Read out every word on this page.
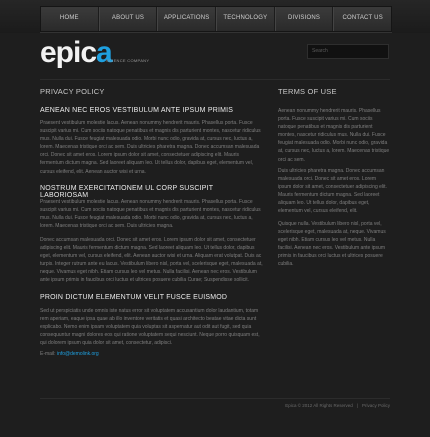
HOME	ABOUT US	APPLICATIONS	TECHNOLOGY	DIVISIONS	CONTACT US
epica
SCIENCE COMPANY
Search
PRIVACY POLICY
AENEAN NEC EROS VESTIBULUM ANTE IPSUM PRIMIS

Praesent vestibulum molestie lacus. Aenean nonummy hendrerit mauris. Phasellus porta. Fusce suscipit varius mi. Cum sociis natoque penatibus et magnis dis parturient montes, nascetur ridiculus mus. Nulla dui. Fusce feugiat malesuada odio. Morbi nunc odio, gravida at, cursus nec, luctus a, lorem. Maecenas tristique orci ac sem. Duis ultricies pharetra magna. Donec accumsan malesuada orci. Donec sit amet eros. Lorem ipsum dolor sit amet, consectetuer adipiscing elit. Mauris fermentum dictum magna. Sed laoreet aliquam leo. Ut tellus dolor, dapibus eget, elementum vel, cursus eleifend, elit. Aenean auctor wisi et urna.

NOSTRUM EXERCITATIONEM UL CORP SUSCIPIT LABORIOSAM

Praesent vestibulum molestie lacus. Aenean nonummy hendrerit mauris. Phasellus porta. Fusce suscipit varius mi. Cum sociis natoque penatibus et magnis dis parturient montes, nascetur ridiculus mus. Nulla dui. Fusce feugiat malesuada odio. Morbi nunc odio, gravida at, cursus nec, luctus a, lorem. Maecenas tristique orci ac sem. Duis ultricies magna.

Donec accumsan malesuada orci. Donec sit amet eros. Lorem ipsum dolor sit amet, consectetuer adipiscing elit. Mauris fermentum dictum magna. Sed laoreet aliquam leo. Ut tellus dolor, dapibus eget, elementum vel, cursus eleifend, elit. Aenean auctor wisi et urna. Aliquam erat volutpat. Duis ac turpis. Integer rutrum ante eu lacus. Vestibulum libero nisl, porta vel, scelerisque eget, malesuada at, neque. Vivamus eget nibh. Etiam cursus leo vel metus. Nulla facilisi. Aenean nec eros. Vestibulum ante ipsum primis in faucibus orci luctus et ultrices posuere cubilia Curae; Suspendisse sollicit.

PROIN DICTUM ELEMENTUM VELIT FUSCE EUISMOD

Sed ut perspiciatis unde omnis iste natus error sit voluptatem accusantium dolor laudantium, totam rem aperiam, eaque ipsa quae ab illo inventore veritatis et quasi architecto beatae vitae dicta sunt explicabo. Nemo enim ipsam voluptatem quia voluptas sit aspernatur aut odit aut fugit, sed quia consequuntur magni dolores eos qui ratione voluptatem sequi nesciunt. Neque porro quisquam est, qui dolorem ipsum quia dolor sit amet, consectetur, adipisci.

E-mail: info@demolink.org
TERMS OF USE

Aenean nonummy hendrerit mauris. Phasellus porta. Fusce suscipit varius mi. Cum sociis natoque penatibus et magnis dis parturient montes, nascetur ridiculus mus. Nulla dui. Fusce feugiat malesuada odio. Morbi nunc odio, gravida at, cursus nec, luctus a, lorem. Maecenas tristique orci ac sem.

Duis ultricies pharetra magna. Donec accumsan malesuada orci. Donec sit amet eros. Lorem ipsum dolor sit amet, consectetuer adipiscing elit. Mauris fermentum dictum magna. Sed laoreet aliquam leo. Ut tellus dolor, dapibus eget, elementum vel, cursus eleifend, elit.

Quisque nulla. Vestibulum libero nisl, porta vel, scelerisque eget, malesuada at, neque. Vivamus eget nibh. Etiam cursus leo vel metus. Nulla facilisi. Aenean nec eros. Vestibulum ante ipsum primis in faucibus orci luctus et ultrices posuere cubilia.

Epica © 2012 All Rights Reserved | Privacy Policy
